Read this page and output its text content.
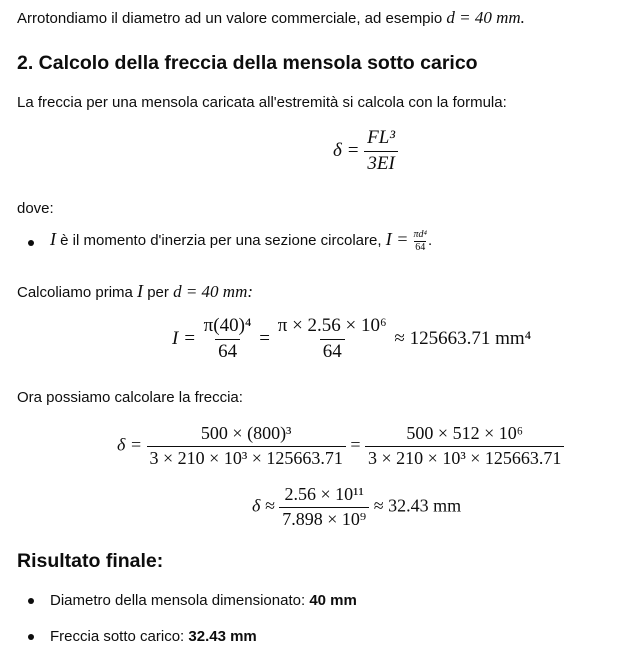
Arrotondiamo il diametro ad un valore commerciale, ad esempio d = 40 mm.
2. Calcolo della freccia della mensola sotto carico
La freccia per una mensola caricata all'estremità si calcola con la formula:
$\delta = \frac{\text{FL³}}{3EI}$
dove:
I è il momento d'inerzia per una sezione circolare, $I = \frac{\text{πd⁴}}{64}$ .
Calcoliamo prima I per d = 40 mm:
$I = \frac{\text{π(40)⁴}}{64} = \frac{\text{π × 2.56 × 10⁶}}{64} \approx 125663.71$ mm⁴
Ora possiamo calcolare la freccia:
$\delta = \frac{\text{500 × (800)³}}{\text{3 × 210 × 10³ × 125663.71}} = \frac{\text{500 × 512 × 10⁶}}{\text{3 × 210 × 10³ × 125663.71}}$
$\delta \approx \frac{\text{2.56 × 10¹¹}}{\text{7.898 × 10⁹}} \approx 32.43$ mm
Risultato finale:
Diametro della mensola dimensionato: 40 mm
Freccia sotto carico: 32.43 mm
